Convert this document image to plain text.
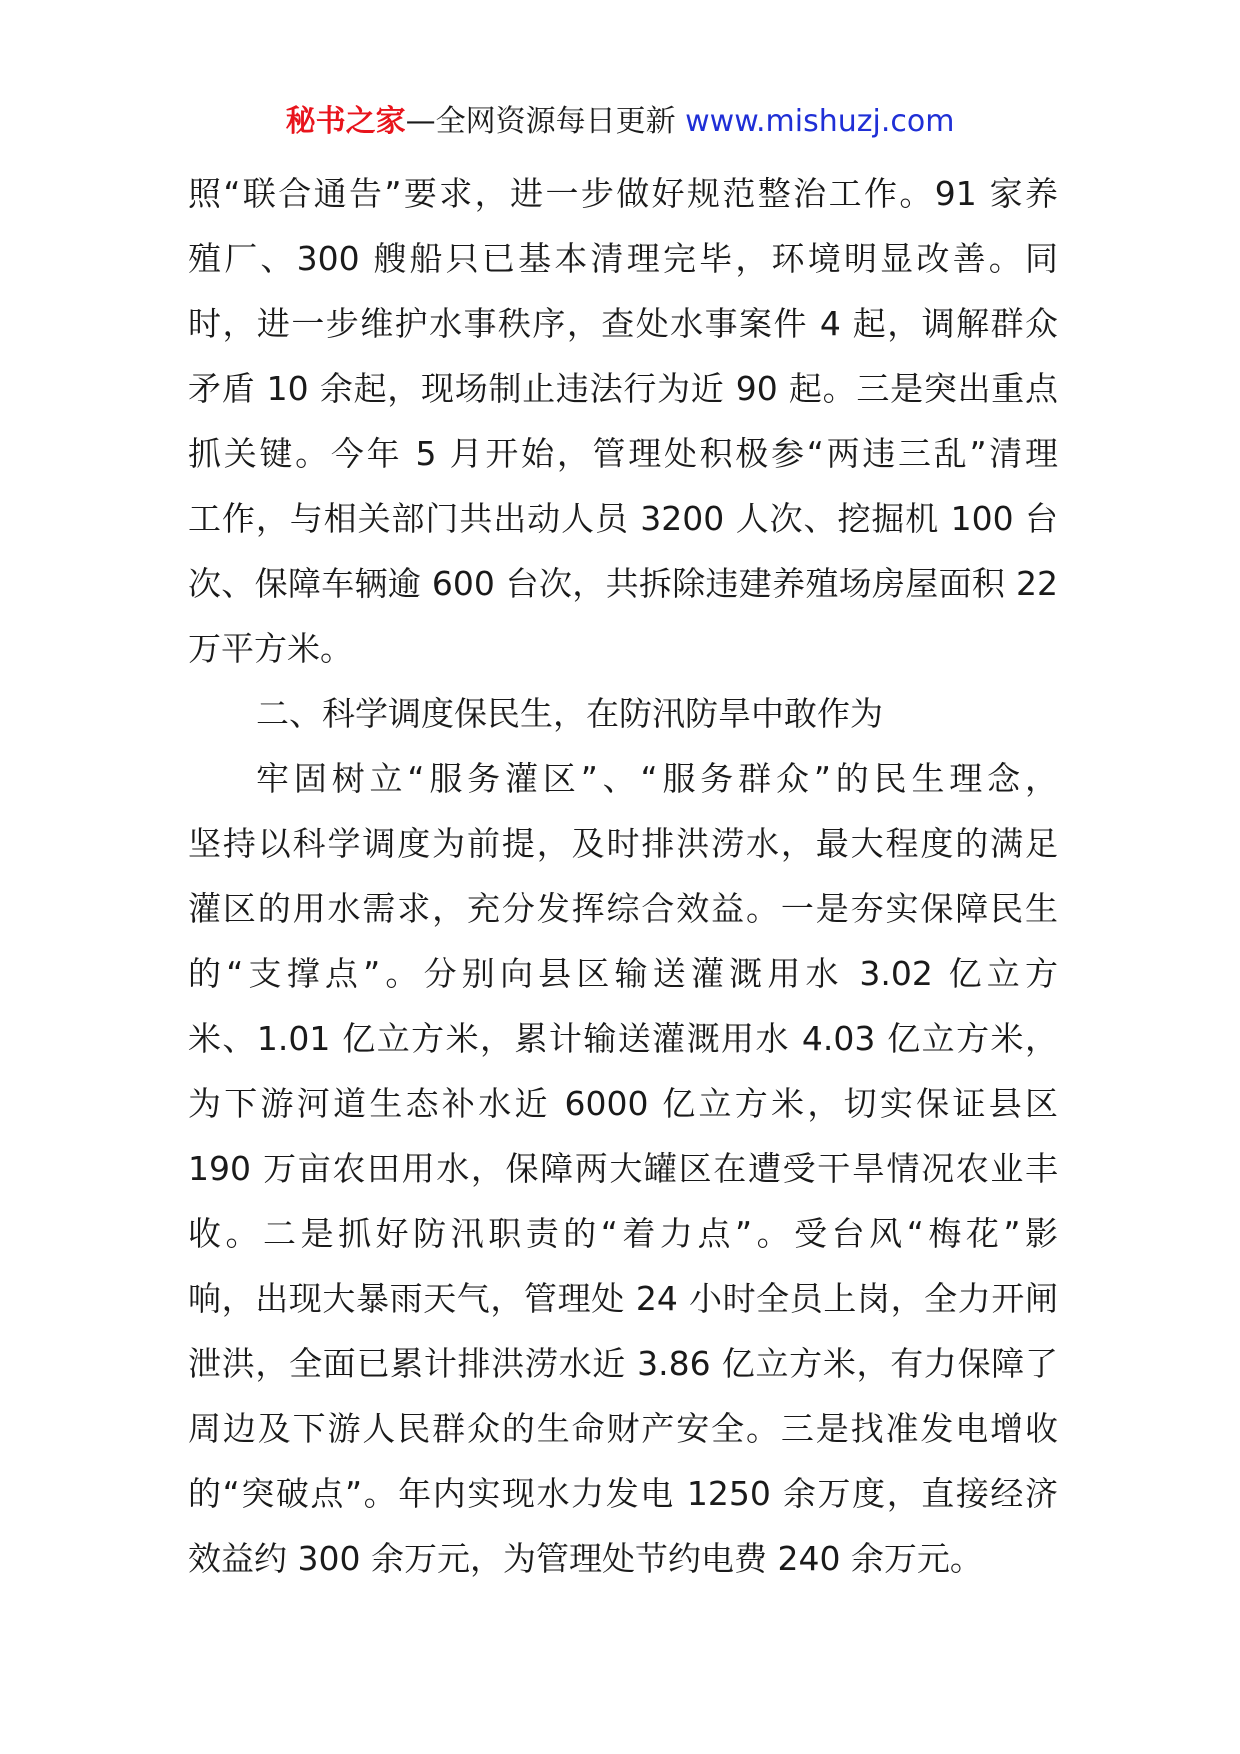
秘书之家—全网资源每日更新 www.mishuzj.com
照“联合通告”要求，进一步做好规范整治工作。91 家养
殖厂、300 艘船只已基本清理完毕，环境明显改善。同
时，进一步维护水事秩序，查处水事案件 4 起，调解群众
矛盾 10 余起，现场制止违法行为近 90 起。三是突出重点
抓关键。今年 5 月开始，管理处积极参“两违三乱”清理
工作，与相关部门共出动人员 3200 人次、挖掘机 100 台
次、保障车辆逾 600 台次，共拆除违建养殖场房屋面积 22
万平方米。
二、科学调度保民生，在防汛防旱中敢作为
牢固树立“服务灌区”、“服务群众”的民生理念，
坚持以科学调度为前提，及时排洪涝水，最大程度的满足
灌区的用水需求，充分发挥综合效益。一是夯实保障民生
的“支撑点”。分别向县区输送灌溉用水 3.02 亿立方
米、1.01 亿立方米，累计输送灌溉用水 4.03 亿立方米，
为下游河道生态补水近 6000 亿立方米，切实保证县区
190 万亩农田用水，保障两大罐区在遭受干旱情况农业丰
收。二是抓好防汛职责的“着力点”。受台风“梅花”影
响，出现大暴雨天气，管理处 24 小时全员上岗，全力开闸
泄洪，全面已累计排洪涝水近 3.86 亿立方米，有力保障了
周边及下游人民群众的生命财产安全。三是找准发电增收
的“突破点”。年内实现水力发电 1250 余万度，直接经济
效益约 300 余万元，为管理处节约电费 240 余万元。
